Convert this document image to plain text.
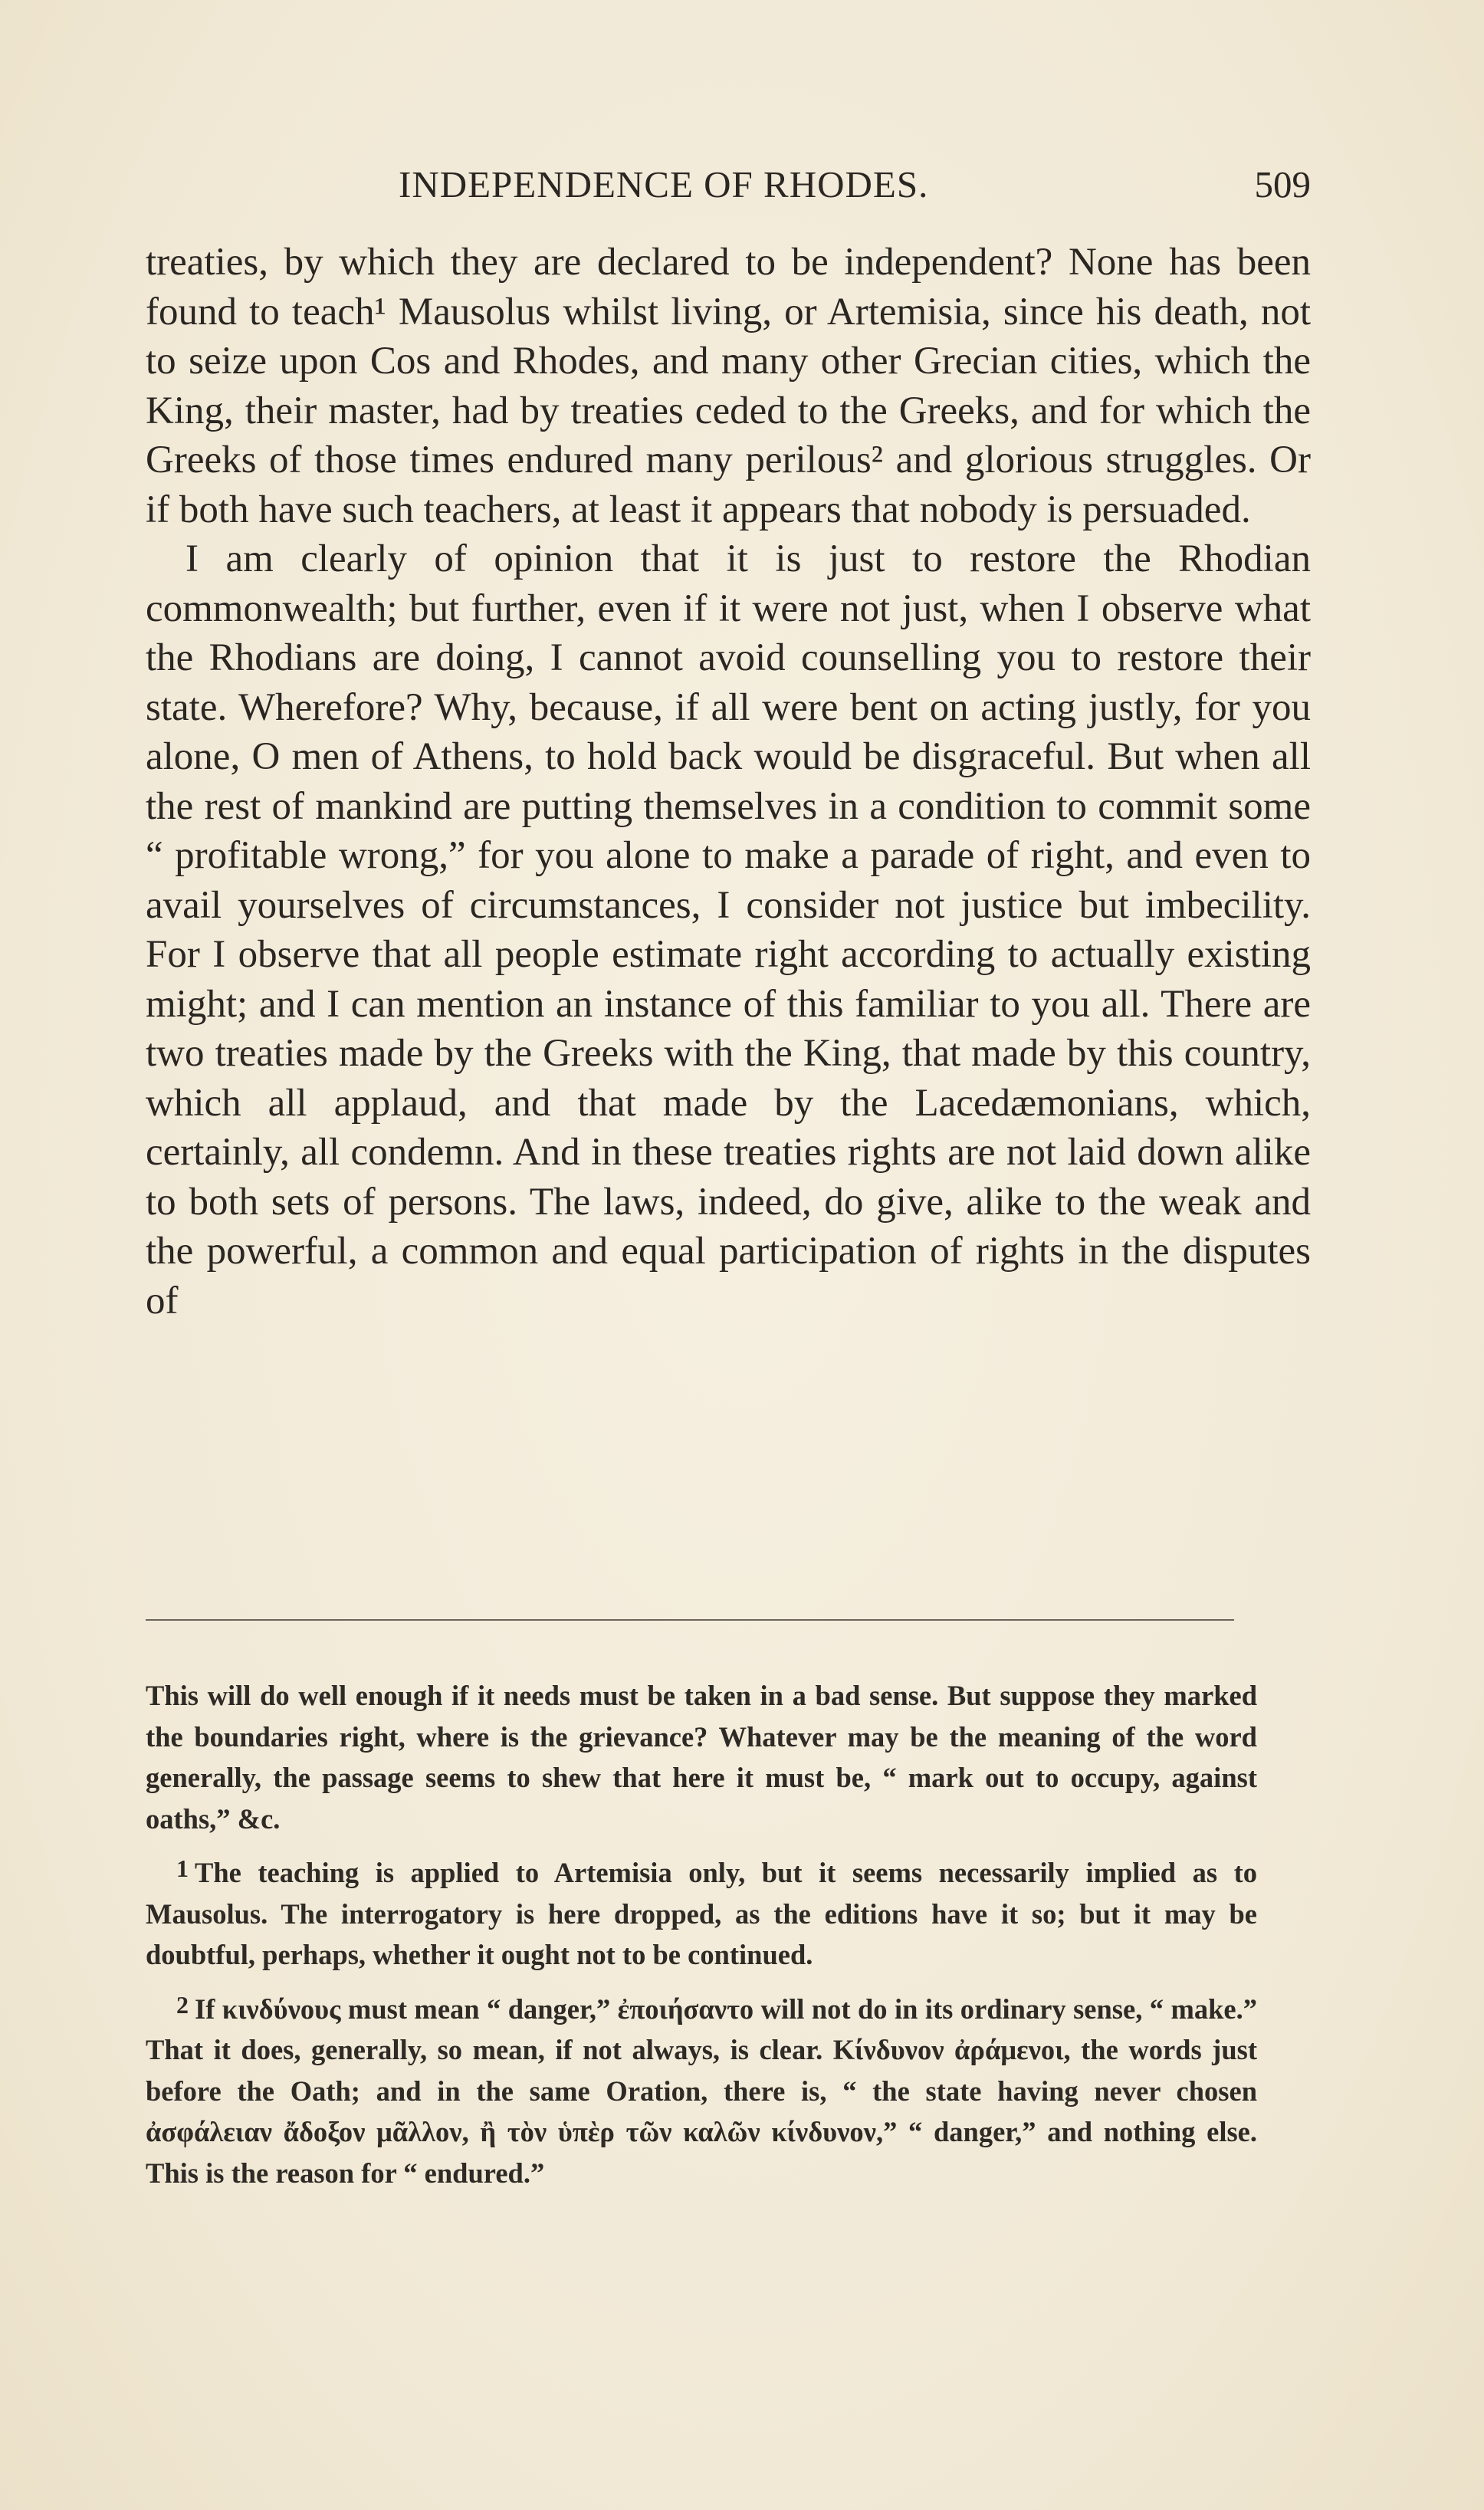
INDEPENDENCE OF RHODES.	509

treaties, by which they are declared to be independent? None has been found to teach¹ Mausolus whilst living, or Artemisia, since his death, not to seize upon Cos and Rhodes, and many other Grecian cities, which the King, their master, had by treaties ceded to the Greeks, and for which the Greeks of those times endured many perilous² and glorious struggles. Or if both have such teachers, at least it appears that nobody is persuaded.

I am clearly of opinion that it is just to restore the Rhodian commonwealth; but further, even if it were not just, when I observe what the Rhodians are doing, I cannot avoid counselling you to restore their state. Wherefore? Why, because, if all were bent on acting justly, for you alone, O men of Athens, to hold back would be disgraceful. But when all the rest of mankind are putting themselves in a condition to commit some “ profitable wrong,” for you alone to make a parade of right, and even to avail yourselves of circumstances, I consider not justice but imbecility. For I observe that all people estimate right according to actually existing might; and I can mention an instance of this familiar to you all. There are two treaties made by the Greeks with the King, that made by this country, which all applaud, and that made by the Lacedæmonians, which, certainly, all condemn. And in these treaties rights are not laid down alike to both sets of persons. The laws, indeed, do give, alike to the weak and the powerful, a common and equal participation of rights in the disputes of

This will do well enough if it needs must be taken in a bad sense. But suppose they marked the boundaries right, where is the grievance? Whatever may be the meaning of the word generally, the passage seems to shew that here it must be, “ mark out to occupy, against oaths,” &c.

1 The teaching is applied to Artemisia only, but it seems necessarily implied as to Mausolus. The interrogatory is here dropped, as the editions have it so; but it may be doubtful, perhaps, whether it ought not to be continued.

2 If κινδύνους must mean “ danger,” ἐποιήσαντο will not do in its ordinary sense, “ make.” That it does, generally, so mean, if not always, is clear. Κίνδυνον ἀράμενοι, the words just before the Oath; and in the same Oration, there is, “ the state having never chosen ἀσφάλειαν ἄδοξον μᾶλλον, ἢ τὸν ὑπὲρ τῶν καλῶν κίνδυνον,” “ danger,” and nothing else. This is the reason for “ endured.”
